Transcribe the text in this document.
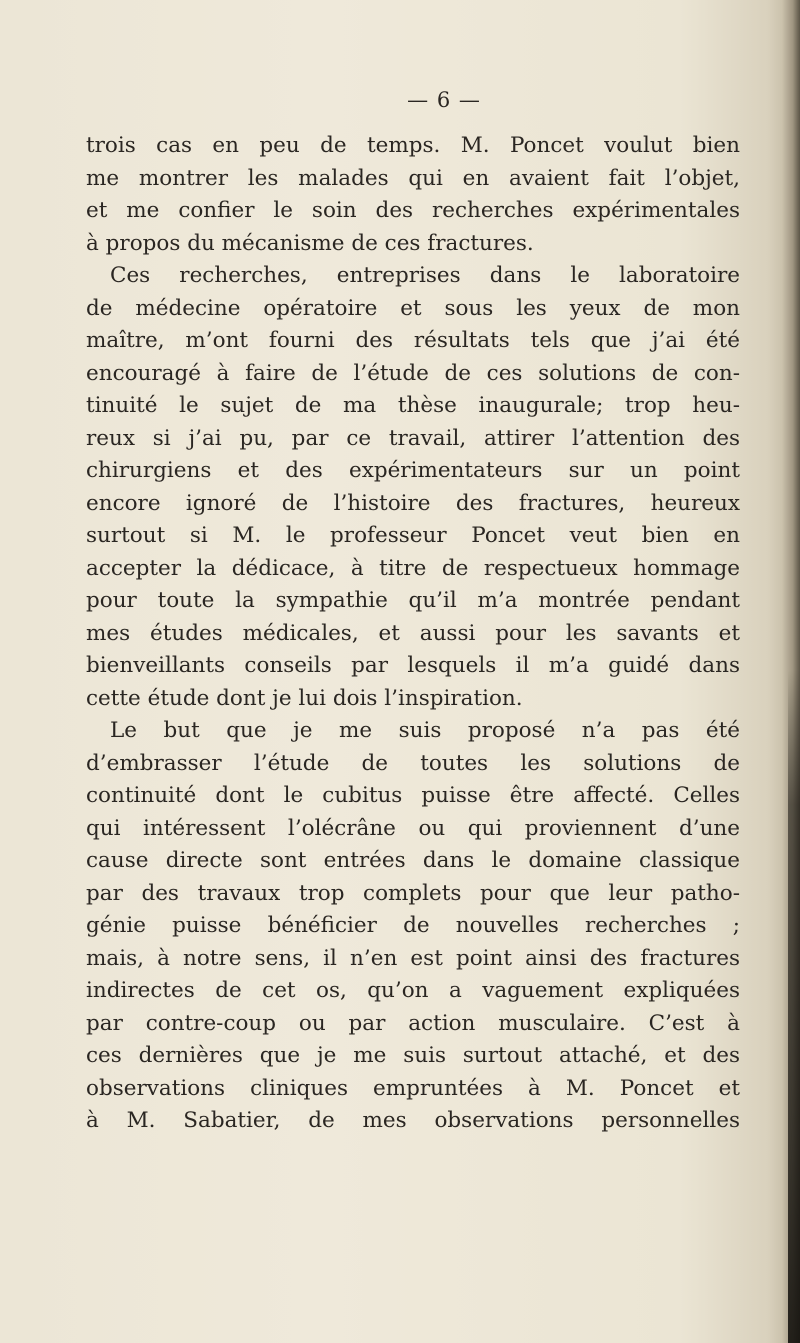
— 6 —
trois cas en peu de temps. M. Poncet voulut bien
me montrer les malades qui en avaient fait l’objet,
et me confier le soin des recherches expérimentales
à propos du mécanisme de ces fractures.
Ces recherches, entreprises dans le laboratoire
de médecine opératoire et sous les yeux de mon
maître, m’ont fourni des résultats tels que j’ai été
encouragé à faire de l’étude de ces solutions de con-
tinuité le sujet de ma thèse inaugurale; trop heu-
reux si j’ai pu, par ce travail, attirer l’attention des
chirurgiens et des expérimentateurs sur un point
encore ignoré de l’histoire des fractures, heureux
surtout si M. le professeur Poncet veut bien en
accepter la dédicace, à titre de respectueux hommage
pour toute la sympathie qu’il m’a montrée pendant
mes études médicales, et aussi pour les savants et
bienveillants conseils par lesquels il m’a guidé dans
cette étude dont je lui dois l’inspiration.
Le but que je me suis proposé n’a pas été
d’embrasser l’étude de toutes les solutions de
continuité dont le cubitus puisse être affecté. Celles
qui intéressent l’olécrâne ou qui proviennent d’une
cause directe sont entrées dans le domaine classique
par des travaux trop complets pour que leur patho-
génie puisse bénéficier de nouvelles recherches ;
mais, à notre sens, il n’en est point ainsi des fractures
indirectes de cet os, qu’on a vaguement expliquées
par contre-coup ou par action musculaire. C’est à
ces dernières que je me suis surtout attaché, et des
observations cliniques empruntées à M. Poncet et
à M. Sabatier, de mes observations personnelles
